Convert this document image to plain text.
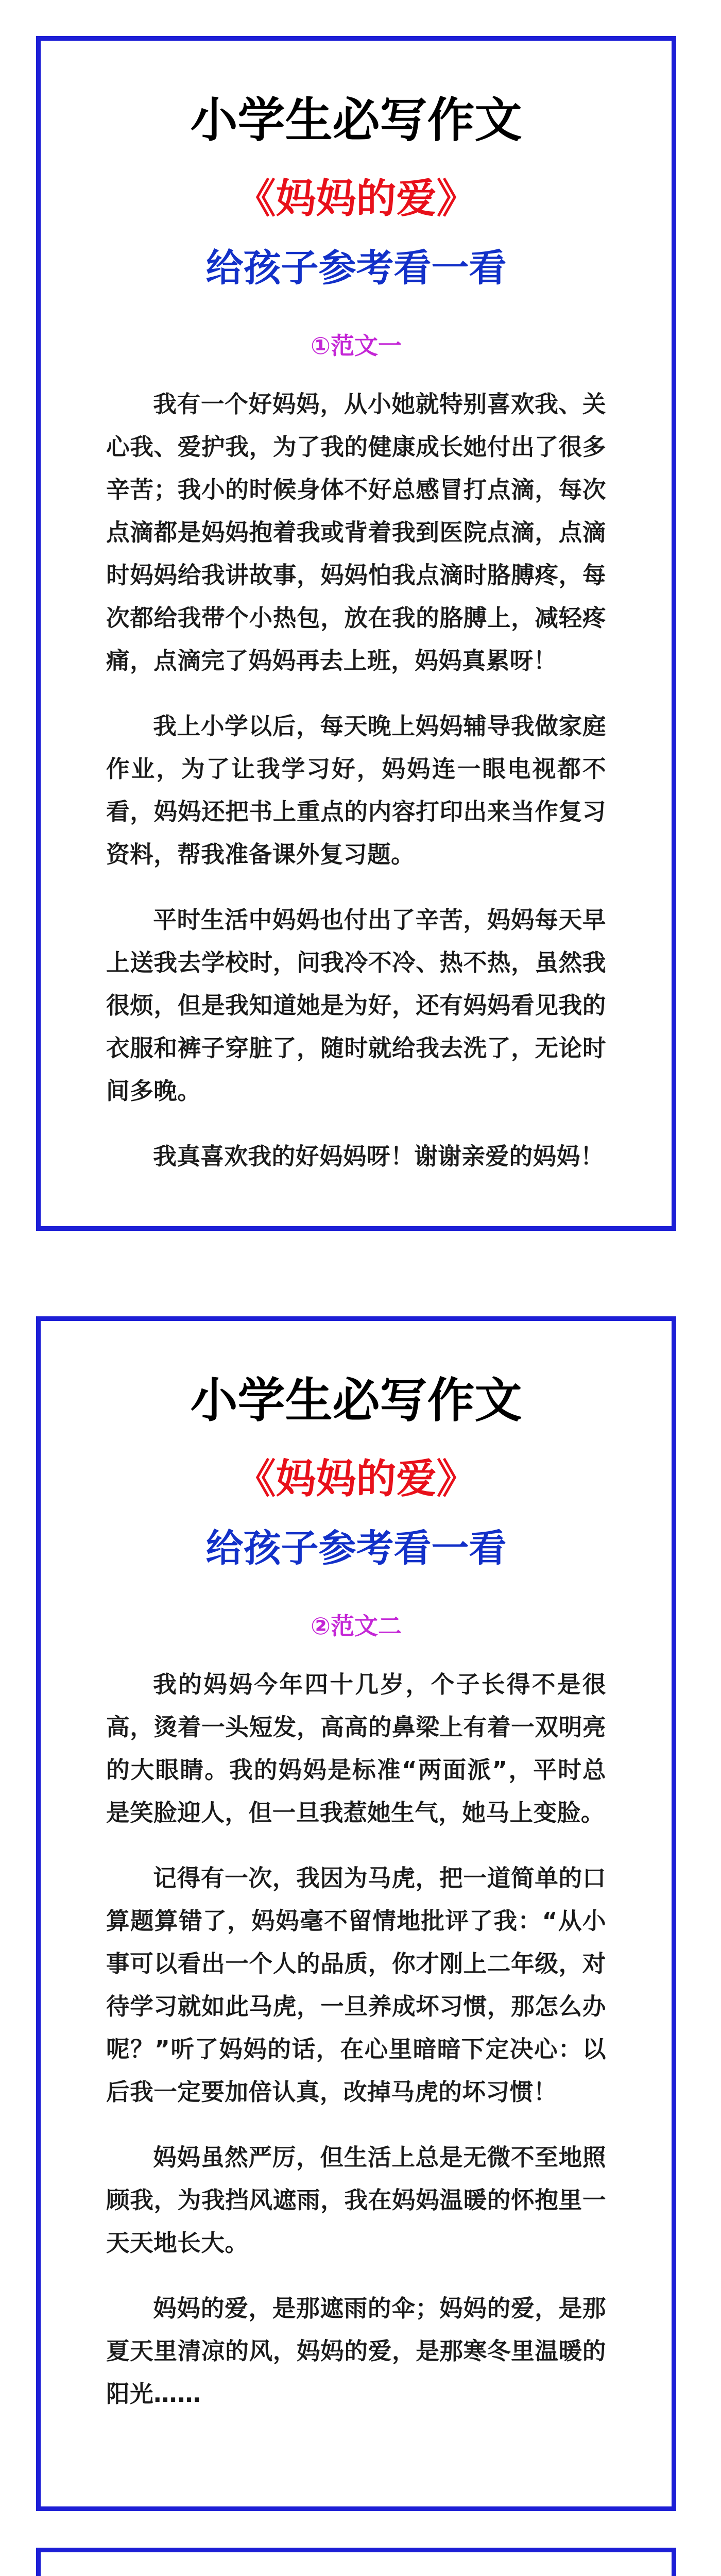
小学生必写作文
《妈妈的爱》
给孩子参考看一看
①范文一

我有一个好妈妈，从小她就特别喜欢我、关心我、爱护我，为了我的健康成长她付出了很多辛苦；我小的时候身体不好总感冒打点滴，每次点滴都是妈妈抱着我或背着我到医院点滴，点滴时妈妈给我讲故事，妈妈怕我点滴时胳膊疼，每次都给我带个小热包，放在我的胳膊上，减轻疼痛，点滴完了妈妈再去上班，妈妈真累呀！

我上小学以后，每天晚上妈妈辅导我做家庭作业，为了让我学习好，妈妈连一眼电视都不看，妈妈还把书上重点的内容打印出来当作复习资料，帮我准备课外复习题。

平时生活中妈妈也付出了辛苦，妈妈每天早上送我去学校时，问我冷不冷、热不热，虽然我很烦，但是我知道她是为好，还有妈妈看见我的衣服和裤子穿脏了，随时就给我去洗了，无论时间多晚。

我真喜欢我的好妈妈呀！谢谢亲爱的妈妈！

小学生必写作文
《妈妈的爱》
给孩子参考看一看
②范文二

我的妈妈今年四十几岁，个子长得不是很高，烫着一头短发，高高的鼻梁上有着一双明亮的大眼睛。我的妈妈是标准“两面派”，平时总是笑脸迎人，但一旦我惹她生气，她马上变脸。

记得有一次，我因为马虎，把一道简单的口算题算错了，妈妈毫不留情地批评了我：“从小事可以看出一个人的品质，你才刚上二年级，对待学习就如此马虎，一旦养成坏习惯，那怎么办呢？”听了妈妈的话，在心里暗暗下定决心：以后我一定要加倍认真，改掉马虎的坏习惯！

妈妈虽然严厉，但生活上总是无微不至地照顾我，为我挡风遮雨，我在妈妈温暖的怀抱里一天天地长大。

妈妈的爱，是那遮雨的伞；妈妈的爱，是那夏天里清凉的风，妈妈的爱，是那寒冬里温暖的阳光……
